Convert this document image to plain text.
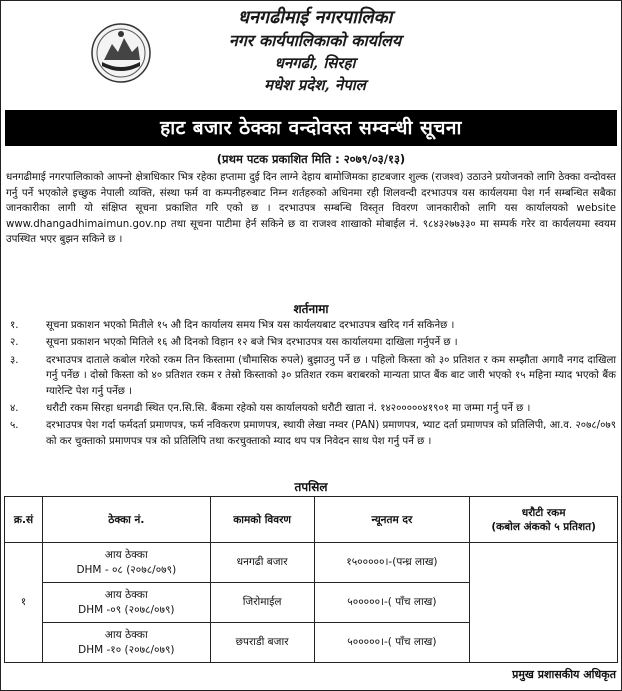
धनगढीमाई नगरपालिका
नगर कार्यपालिकाको कार्यालय
धनगढी, सिरहा
मधेश प्रदेश, नेपाल
हाट बजार ठेक्का वन्दोवस्त सम्वन्धी सूचना
(प्रथम पटक प्रकाशित मिति : २०७९/०३/१३)

धनगढीमाई नगरपालिकाको आफ्नो क्षेत्राधिकार भित्र रहेका हप्तामा दुई दिन लाग्ने देहाय बामोजिमका हाटबजार शुल्क (राजश्व) उठाउने प्रयोजनको लागि ठेक्का वन्दोवस्त गर्नु पर्ने भएकोले इच्छुक नेपाली व्यक्ति, संस्था फर्म वा कम्पनीहरुबाट निम्न शर्तहरुको अधिनमा रही शिलवन्दी दरभाउपत्र यस कार्यलयमा पेश गर्न सम्बन्धित सबैका जानकारीका लागी यो संक्षिप्त सूचना प्रकाशित गरि एको छ । दरभाउपत्र सम्बन्धि विस्तृत विवरण जानकारीको लागि यस कार्यालयको website www.dhangadhimaimun.gov.np तथा सूचना पाटीमा हेर्न सकिने छ वा राजश्व शाखाको मोबाईल नं. ९८४३२७७३३० मा सम्पर्क गरेर वा कार्यलयमा स्वयम उपस्थित भएर बुझन सकिने छ ।

शर्तनामा
१.	सूचना प्रकाशन भएको मितीले १५ औ दिन कार्यालय समय भित्र यस कार्यलयबाट दरभाउपत्र खरिद गर्न सकिनेछ ।
२.	सूचना प्रकाशन भएको मितिले १६ औ दिनको विहान १२ बजे भित्र दरभाउपत्र यस कार्यालयमा दाखिला गर्नुपर्ने छ ।
३.	दरभाउपत्र दाताले कबोल गरेको रकम तिन किस्तामा (चौमासिक रुपले) बुझाउनु पर्ने छ । पहिलो किस्ता को ३० प्रतिशत र कम सम्झौता अगावै नगद दाखिला गर्नु पर्नेछ । दोस्रो किस्ता को ४० प्रतिशत रकम र तेस्रो किस्ताको ३० प्रतिशत रकम बराबरको मान्यता प्राप्त बैंक बाट जारी भएको १५ महिना म्याद भएको बैंक ग्यारेन्टि पेश गर्नु पर्नेछ ।
४.	धरौटी रकम सिरहा धनगढी स्थित एन.सि.सि. बैंकमा रहेको यस कार्यालयको धरौटी खाता नं. १४२०००००४१९०१ मा जम्मा गर्नु पर्ने छ ।
५.	दरभाउपत्र पेश गर्दा फर्मदर्ता प्रमाणपत्र, फर्म नविकरण प्रमाणपत्र, स्थायी लेखा नम्वर (PAN) प्रमाणपत्र, भ्याट दर्ता प्रमाणपत्र को प्रतिलिपी, आ.व. २०७८/०७९ को कर चुक्ताको प्रमाणपत्र पत्र को प्रतिलिपि तथा करचुक्ताको म्याद थप पत्र निवेदन साथ पेश गर्नु पर्ने छ ।
तपसिल
क्र.सं	ठेक्का नं.	कामको विवरण	न्यूनतम दर	धरौटी रकम
(कबोल अंकको ५ प्रतिशत)

१	आय ठेक्का
DHM - ०८ (२०७८/०७९)	धनगढी बजार	१५०००००।-(पन्ध्र लाख)	

	आय ठेक्का
DHM -०९ (२०७८/०७९)	जिरोमाईल	५०००००।-( पाँच लाख)	

	आय ठेक्का
DHM -१० (२०७८/०७९)	छपराडी बजार	५०००००।-( पाँच लाख)	
प्रमुख प्रशासकीय अधिकृत
